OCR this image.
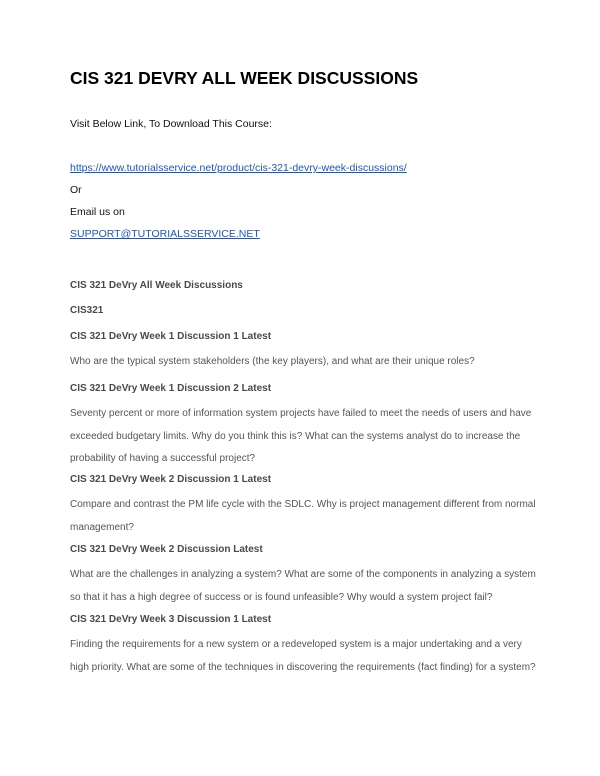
CIS 321 DEVRY ALL WEEK DISCUSSIONS
Visit Below Link, To Download This Course:
https://www.tutorialsservice.net/product/cis-321-devry-week-discussions/
Or
Email us on
SUPPORT@TUTORIALSSERVICE.NET
CIS 321 DeVry All Week Discussions
CIS321
CIS 321 DeVry Week 1 Discussion 1 Latest

Who are the typical system stakeholders (the key players), and what are their unique roles?

CIS 321 DeVry Week 1 Discussion 2 Latest

Seventy percent or more of information system projects have failed to meet the needs of users and have exceeded budgetary limits. Why do you think this is? What can the systems analyst do to increase the probability of having a successful project?

CIS 321 DeVry Week 2 Discussion 1 Latest

Compare and contrast the PM life cycle with the SDLC. Why is project management different from normal management?

CIS 321 DeVry Week 2 Discussion Latest

What are the challenges in analyzing a system? What are some of the components in analyzing a system so that it has a high degree of success or is found unfeasible? Why would a system project fail?

CIS 321 DeVry Week 3 Discussion 1 Latest

Finding the requirements for a new system or a redeveloped system is a major undertaking and a very high priority. What are some of the techniques in discovering the requirements (fact finding) for a system?
